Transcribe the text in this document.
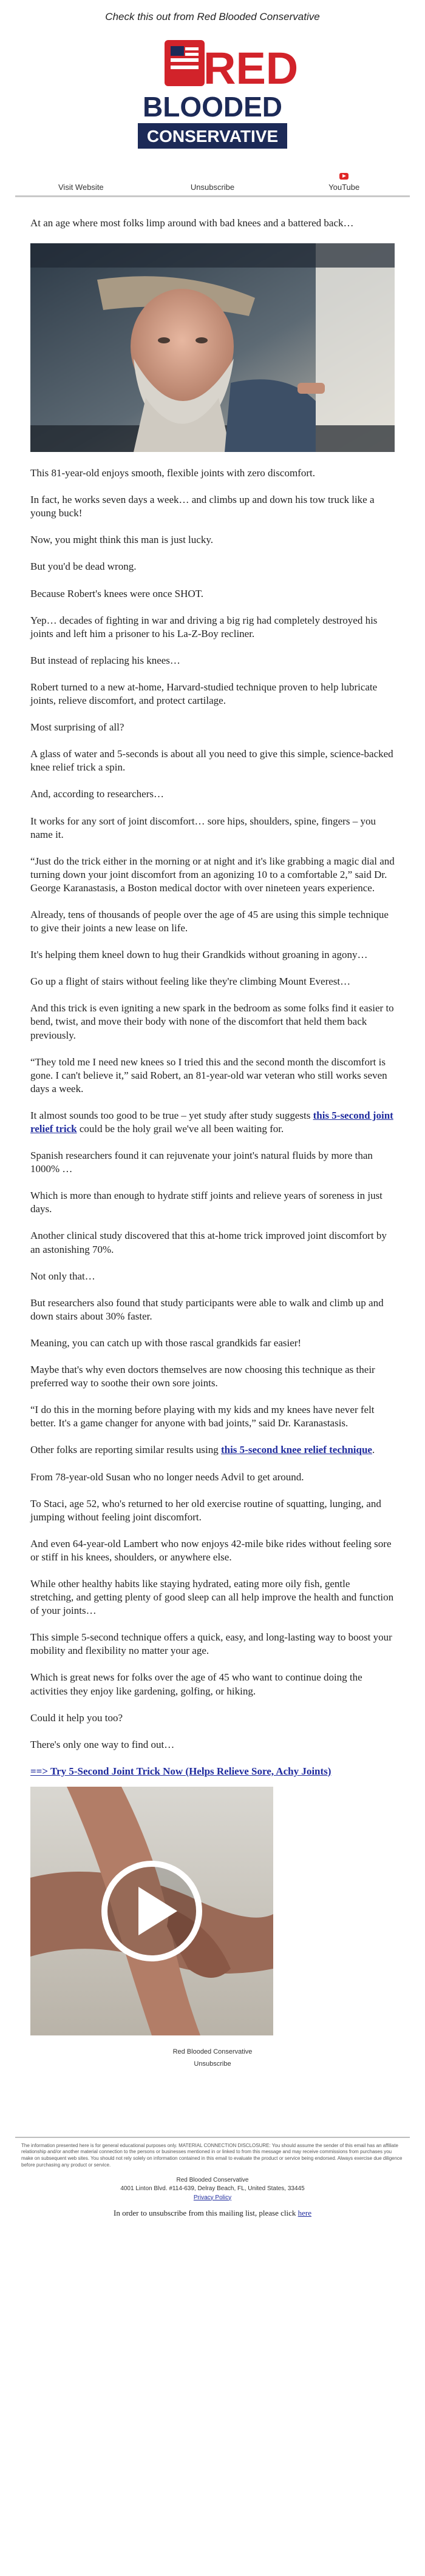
Check this out from Red Blooded Conservative
RED
BLOODED
CONSERVATIVE
Visit Website	Unsubscribe	YouTube

At an age where most folks limp around with bad knees and a battered back…

This 81-year-old enjoys smooth, flexible joints with zero discomfort.

In fact, he works seven days a week… and climbs up and down his tow truck like a young buck!

Now, you might think this man is just lucky.

But you'd be dead wrong.

Because Robert's knees were once SHOT.

Yep… decades of fighting in war and driving a big rig had completely destroyed his joints and left him a prisoner to his La-Z-Boy recliner.

But instead of replacing his knees…

Robert turned to a new at-home, Harvard-studied technique proven to help lubricate joints, relieve discomfort, and protect cartilage.

Most surprising of all?

A glass of water and 5-seconds is about all you need to give this simple, science-backed knee relief trick a spin.

And, according to researchers…

It works for any sort of joint discomfort… sore hips, shoulders, spine, fingers – you name it.

“Just do the trick either in the morning or at night and it's like grabbing a magic dial and turning down your joint discomfort from an agonizing 10 to a comfortable 2,” said Dr. George Karanastasis, a Boston medical doctor with over nineteen years experience.

Already, tens of thousands of people over the age of 45 are using this simple technique to give their joints a new lease on life.

It's helping them kneel down to hug their Grandkids without groaning in agony…

Go up a flight of stairs without feeling like they're climbing Mount Everest…

And this trick is even igniting a new spark in the bedroom as some folks find it easier to bend, twist, and move their body with none of the discomfort that held them back previously.

“They told me I need new knees so I tried this and the second month the discomfort is gone. I can't believe it,” said Robert, an 81-year-old war veteran who still works seven days a week.

It almost sounds too good to be true – yet study after study suggests this 5-second joint relief trick could be the holy grail we've all been waiting for.

Spanish researchers found it can rejuvenate your joint's natural fluids by more than 1000% …

Which is more than enough to hydrate stiff joints and relieve years of soreness in just days.

Another clinical study discovered that this at-home trick improved joint discomfort by an astonishing 70%.

Not only that…

But researchers also found that study participants were able to walk and climb up and down stairs about 30% faster.

Meaning, you can catch up with those rascal grandkids far easier!

Maybe that's why even doctors themselves are now choosing this technique as their preferred way to soothe their own sore joints.

“I do this in the morning before playing with my kids and my knees have never felt better. It's a game changer for anyone with bad joints,” said Dr. Karanastasis.

Other folks are reporting similar results using this 5-second knee relief technique.

From 78-year-old Susan who no longer needs Advil to get around.

To Staci, age 52, who's returned to her old exercise routine of squatting, lunging, and jumping without feeling joint discomfort.

And even 64-year-old Lambert who now enjoys 42-mile bike rides without feeling sore or stiff in his knees, shoulders, or anywhere else.

While other healthy habits like staying hydrated, eating more oily fish, gentle stretching, and getting plenty of good sleep can all help improve the health and function of your joints…

This simple 5-second technique offers a quick, easy, and long-lasting way to boost your mobility and flexibility no matter your age.

Which is great news for folks over the age of 45 who want to continue doing the activities they enjoy like gardening, golfing, or hiking.

Could it help you too?

There's only one way to find out…

==> Try 5-Second Joint Trick Now (Helps Relieve Sore, Achy Joints)
Red Blooded Conservative
Unsubscribe
The information presented here is for general educational purposes only. MATERIAL CONNECTION DISCLOSURE: You should assume the sender of this email has an affiliate relationship and/or another material connection to the persons or businesses mentioned in or linked to from this message and may receive commissions from purchases you make on subsequent web sites. You should not rely solely on information contained in this email to evaluate the product or service being endorsed. Always exercise due diligence before purchasing any product or service.
Red Blooded Conservative
4001 Linton Blvd. #114-639, Delray Beach, FL, United States, 33445
Privacy Policy
In order to unsubscribe from this mailing list, please click here
